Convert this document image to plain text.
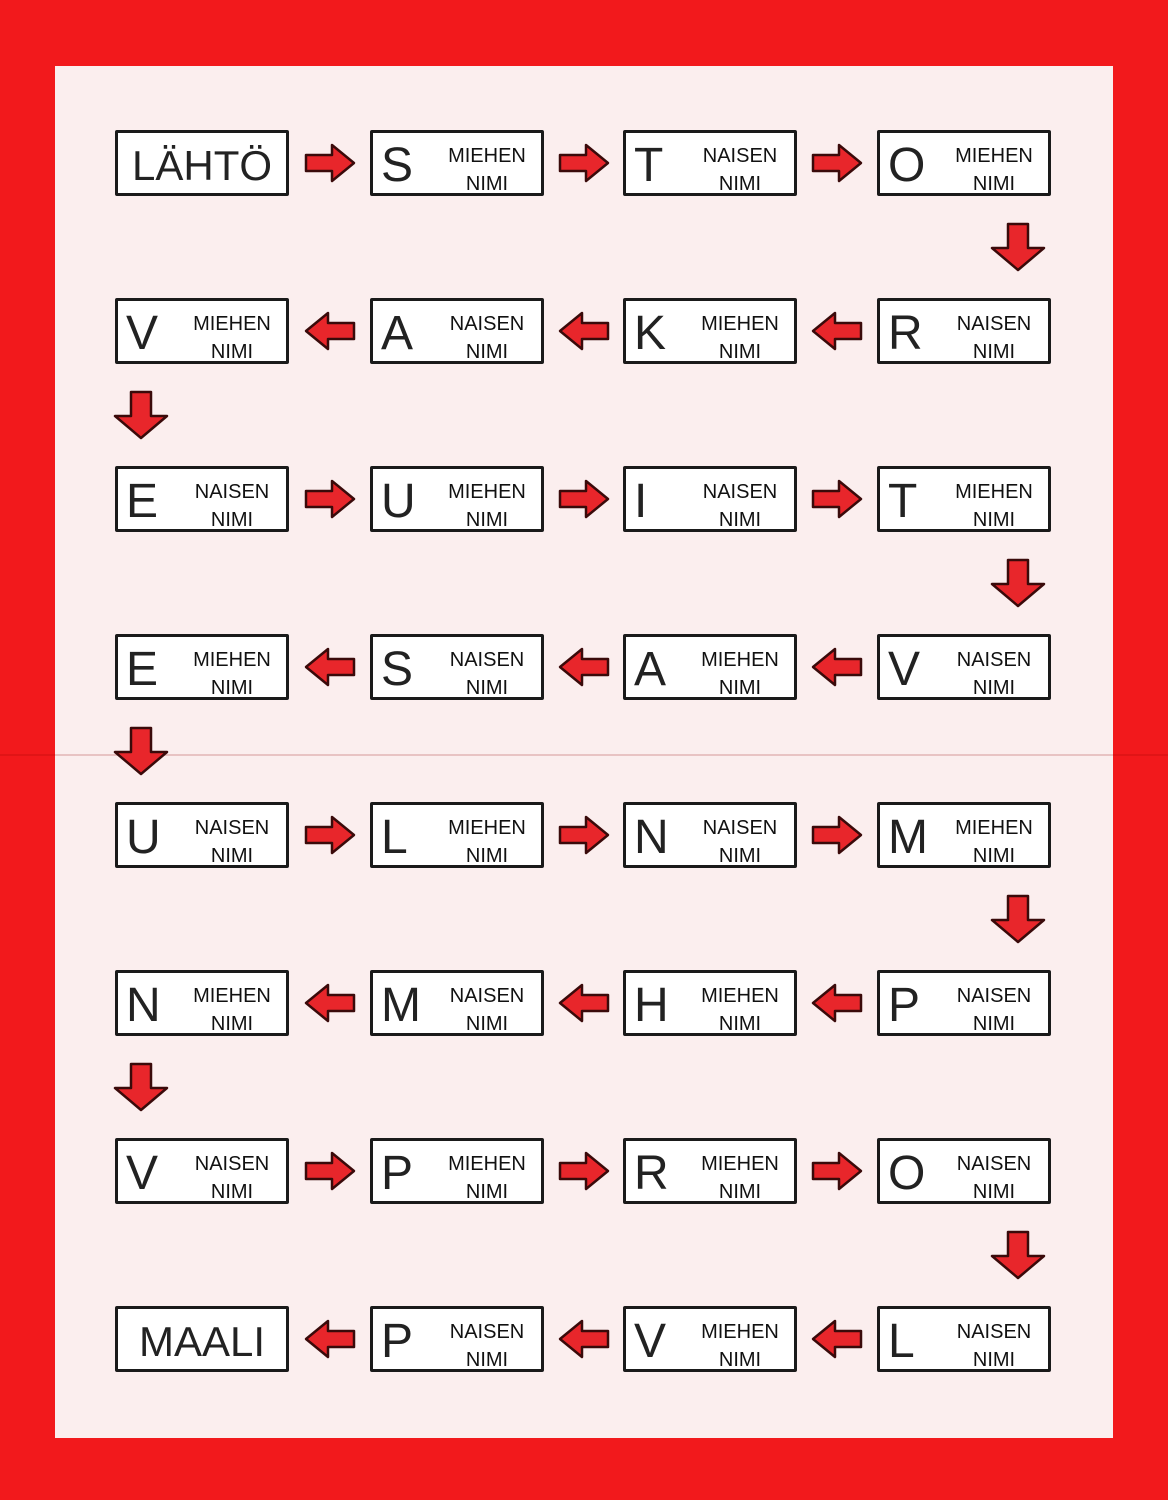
LÄHTÖ S	MIEHEN
NIMI	T	NAISEN
NIMI	O	MIEHEN
NIMI
V	MIEHEN
NIMI	A	NAISEN
NIMI	K	MIEHEN
NIMI	R	NAISEN
NIMI
E	NAISEN
NIMI	U	MIEHEN
NIMI	I	NAISEN
NIMI	T	MIEHEN
NIMI
E	MIEHEN
NIMI	S	NAISEN
NIMI	A	MIEHEN
NIMI	V	NAISEN
NIMI
U	NAISEN
NIMI	L	MIEHEN
NIMI	N	NAISEN
NIMI	M	MIEHEN
NIMI
N	MIEHEN
NIMI	M	NAISEN
NIMI	H	MIEHEN
NIMI	P	NAISEN
NIMI
V	NAISEN
NIMI	P	MIEHEN
NIMI	R	MIEHEN
NIMI	O	NAISEN
NIMI
MAALI	P	NAISEN
NIMI	V	MIEHEN
NIMI	L	NAISEN
NIMI
